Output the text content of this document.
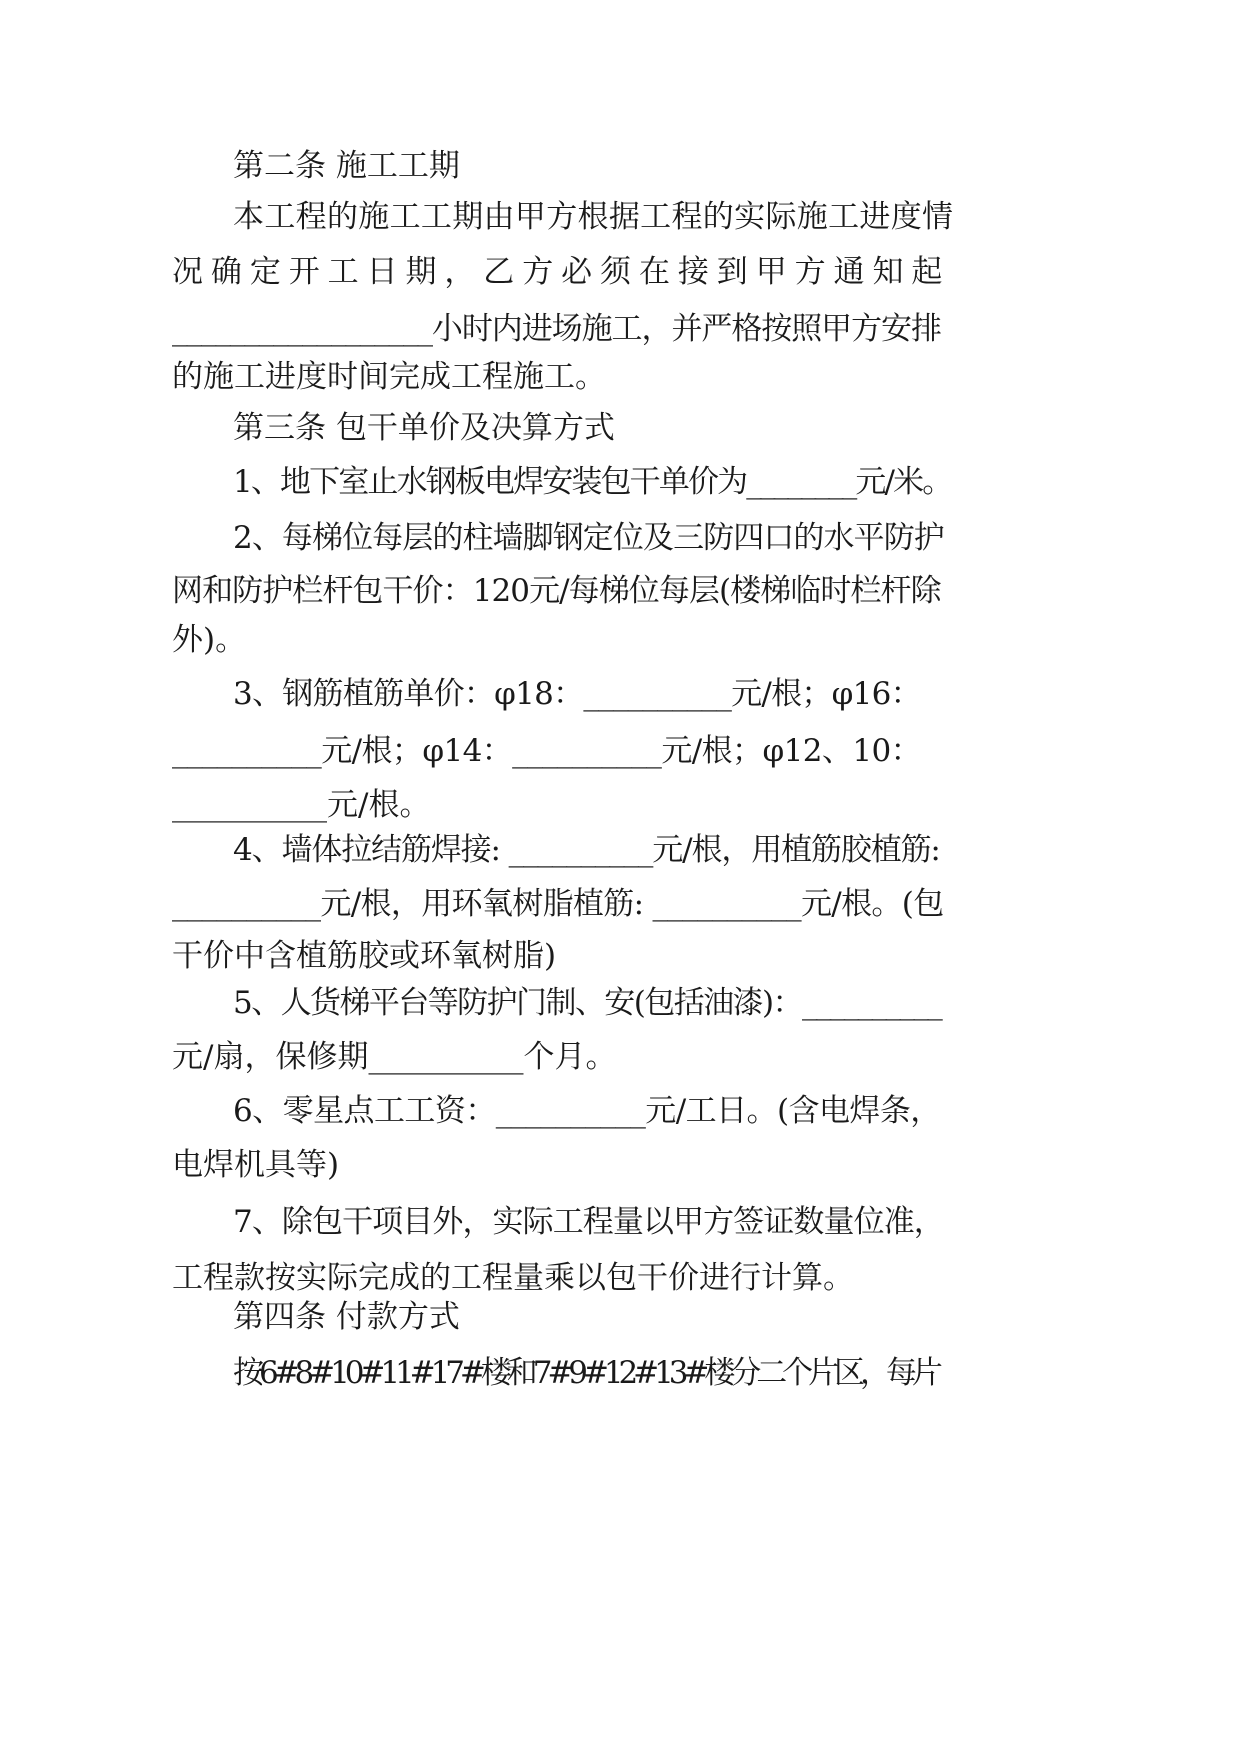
第二条 施工工期
本工程的施工工期由甲方根据工程的实际施工进度情
况 确 定 开 工 日 期 ， 乙 方 必 须 在 接 到 甲 方 通 知 起
__________________小时内进场施工，并严格按照甲方安排
的施工进度时间完成工程施工。
第三条 包干单价及决算方式
1、地下室止水钢板电焊安装包干单价为________元/米。
2、每梯位每层的柱墙脚钢定位及三防四口的水平防护
网和防护栏杆包干价：120元/每梯位每层(楼梯临时栏杆除
外)。
3、钢筋植筋单价：φ18：__________元/根；φ16：
__________元/根；φ14：__________元/根；φ12、10：
__________元/根。
4、墙体拉结筋焊接: __________元/根，用植筋胶植筋:
__________元/根，用环氧树脂植筋: __________元/根。(包
干价中含植筋胶或环氧树脂)
5、人货梯平台等防护门制、安(包括油漆)：__________
元/扇，保修期__________个月。
6、零星点工工资：__________元/工日。(含电焊条，
电焊机具等)
7、除包干项目外，实际工程量以甲方签证数量位准，
工程款按实际完成的工程量乘以包干价进行计算。
第四条 付款方式
按6#8#10#11#17#楼和7#9#12#13#楼分二个片区，每片
